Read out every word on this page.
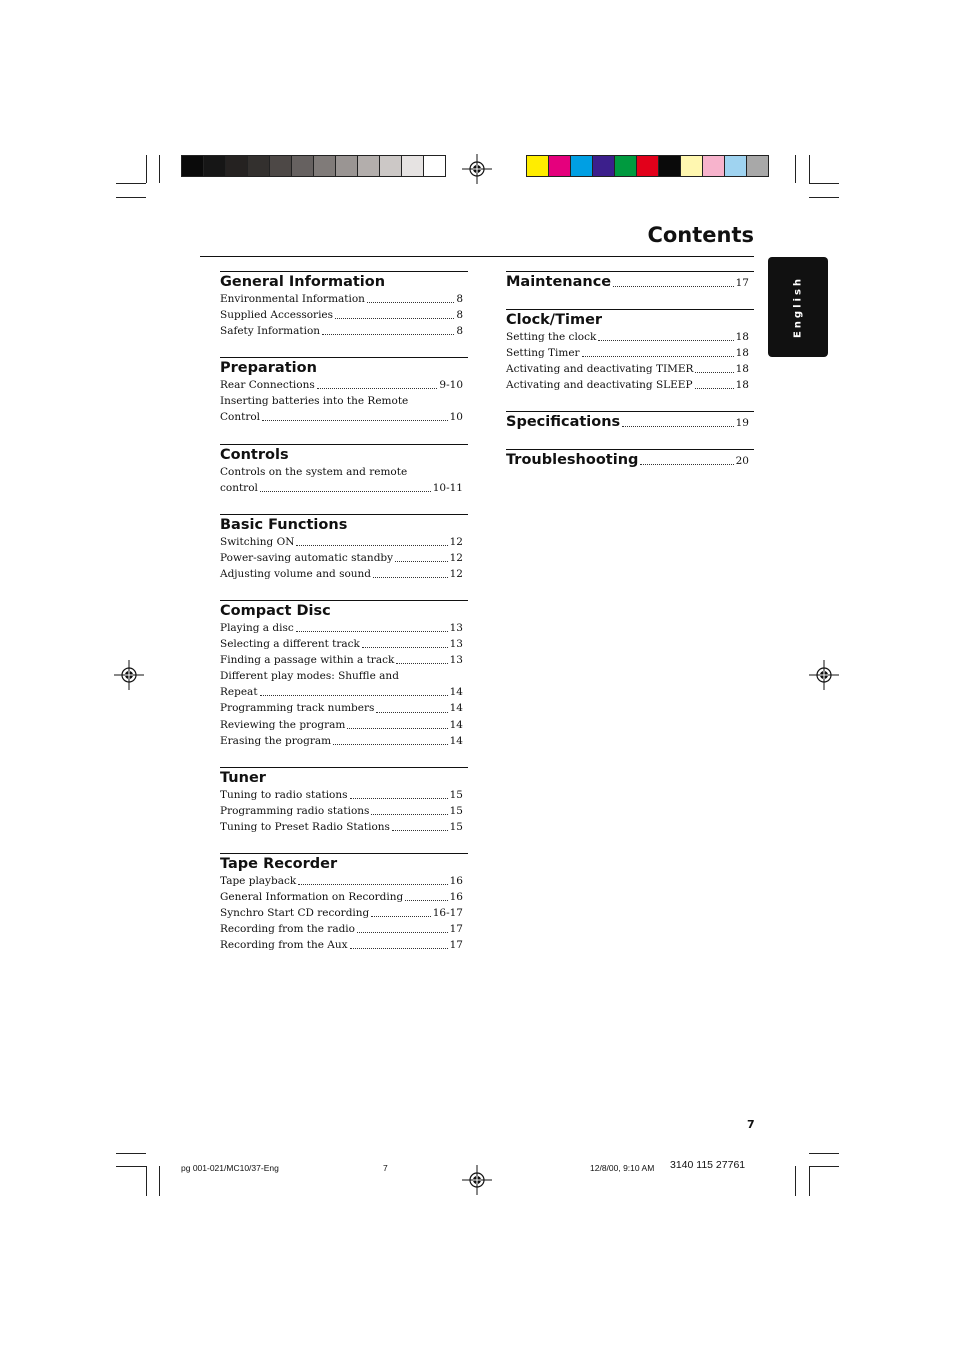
Contents
English
General Information
Environmental Information	8
Supplied Accessories	8
Safety Information	8
Preparation
Rear Connections	9-10
Inserting batteries into the Remote
Control	10
Controls
Controls on the system and remote
control	10-11
Basic Functions
Switching ON	12
Power-saving automatic standby	12
Adjusting volume and sound	12
Compact Disc
Playing a disc	13
Selecting a different track	13
Finding a passage within a track	13
Different play modes: Shuffle and
Repeat	14
Programming track numbers	14
Reviewing the program	14
Erasing the program	14
Tuner
Tuning to radio stations	15
Programming radio stations	15
Tuning to Preset Radio Stations	15
Tape Recorder
Tape playback	16
General Information on Recording	16
Synchro Start CD recording	16-17
Recording from the radio	17
Recording from the Aux	17
Maintenance	17
Clock/Timer
Setting the clock	18
Setting Timer	18
Activating and deactivating TIMER	18
Activating and deactivating SLEEP	18
Specifications	19
Troubleshooting	20
7
pg 001-021/MC10/37-Eng	7	12/8/00, 9:10 AM 3140 115 27761
